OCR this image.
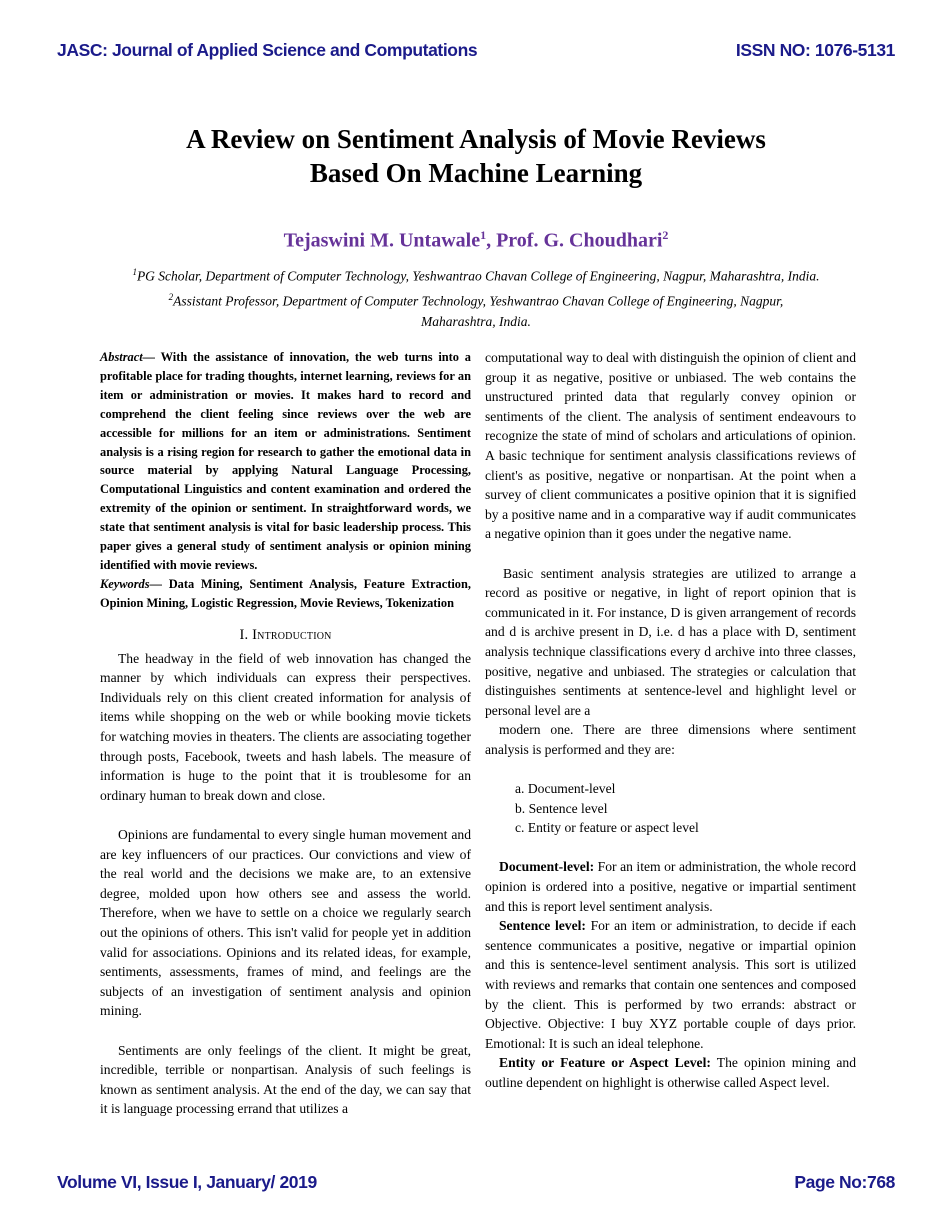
JASC: Journal of Applied Science and Computations	ISSN NO: 1076-5131
A Review on Sentiment Analysis of Movie Reviews
Based On Machine Learning
Tejaswini M. Untawale$^1$, Prof. G. Choudhari$^2$
$^1$PG Scholar, Department of Computer Technology, Yeshwantrao Chavan College of Engineering, Nagpur, Maharashtra, India.
$^2$Assistant Professor, Department of Computer Technology, Yeshwantrao Chavan College of Engineering, Nagpur,
Maharashtra, India.

Abstract— With the assistance of innovation, the web turns into a profitable place for trading thoughts, internet learning, reviews for an item or administration or movies. It makes hard to record and comprehend the client feeling since reviews over the web are accessible for millions for an item or administrations. Sentiment analysis is a rising region for research to gather the emotional data in source material by applying Natural Language Processing, Computational Linguistics and content examination and ordered the extremity of the opinion or sentiment. In straightforward words, we state that sentiment analysis is vital for basic leadership process. This paper gives a general study of sentiment analysis or opinion mining identified with movie reviews.

Keywords— Data Mining, Sentiment Analysis, Feature Extraction, Opinion Mining, Logistic Regression, Movie Reviews, Tokenization

I. Introduction

The headway in the field of web innovation has changed the manner by which individuals can express their perspectives. Individuals rely on this client created information for analysis of items while shopping on the web or while booking movie tickets for watching movies in theaters. The clients are associating together through posts, Facebook, tweets and hash labels. The measure of information is huge to the point that it is troublesome for an ordinary human to break down and close.

Opinions are fundamental to every single human movement and are key influencers of our practices. Our convictions and view of the real world and the decisions we make are, to an extensive degree, molded upon how others see and assess the world. Therefore, when we have to settle on a choice we regularly search out the opinions of others. This isn't valid for people yet in addition valid for associations. Opinions and its related ideas, for example, sentiments, assessments, frames of mind, and feelings are the subjects of an investigation of sentiment analysis and opinion mining.

Sentiments are only feelings of the client. It might be great, incredible, terrible or nonpartisan. Analysis of such feelings is known as sentiment analysis. At the end of the day, we can say that it is language processing errand that utilizes a

computational way to deal with distinguish the opinion of client and group it as negative, positive or unbiased. The web contains the unstructured printed data that regularly convey opinion or sentiments of the client. The analysis of sentiment endeavours to recognize the state of mind of scholars and articulations of opinion. A basic technique for sentiment analysis classifications reviews of client's as positive, negative or nonpartisan. At the point when a survey of client communicates a positive opinion that it is signified by a positive name and in a comparative way if audit communicates a negative opinion than it goes under the negative name.

Basic sentiment analysis strategies are utilized to arrange a record as positive or negative, in light of report opinion that is communicated in it. For instance, D is given arrangement of records and d is archive present in D, i.e. d has a place with D, sentiment analysis technique classifications every d archive into three classes, positive, negative and unbiased. The strategies or calculation that distinguishes sentiments at sentence-level and highlight level or personal level are a

modern one. There are three dimensions where sentiment analysis is performed and they are:

a. Document-level
b. Sentence level
c. Entity or feature or aspect level

Document-level: For an item or administration, the whole record opinion is ordered into a positive, negative or impartial sentiment and this is report level sentiment analysis.

Sentence level: For an item or administration, to decide if each sentence communicates a positive, negative or impartial opinion and this is sentence-level sentiment analysis. This sort is utilized with reviews and remarks that contain one sentences and composed by the client. This is performed by two errands: abstract or Objective. Objective: I buy XYZ portable couple of days prior. Emotional: It is such an ideal telephone.

Entity or Feature or Aspect Level: The opinion mining and outline dependent on highlight is otherwise called Aspect level.

Volume VI, Issue I, January/ 2019	Page No:768
